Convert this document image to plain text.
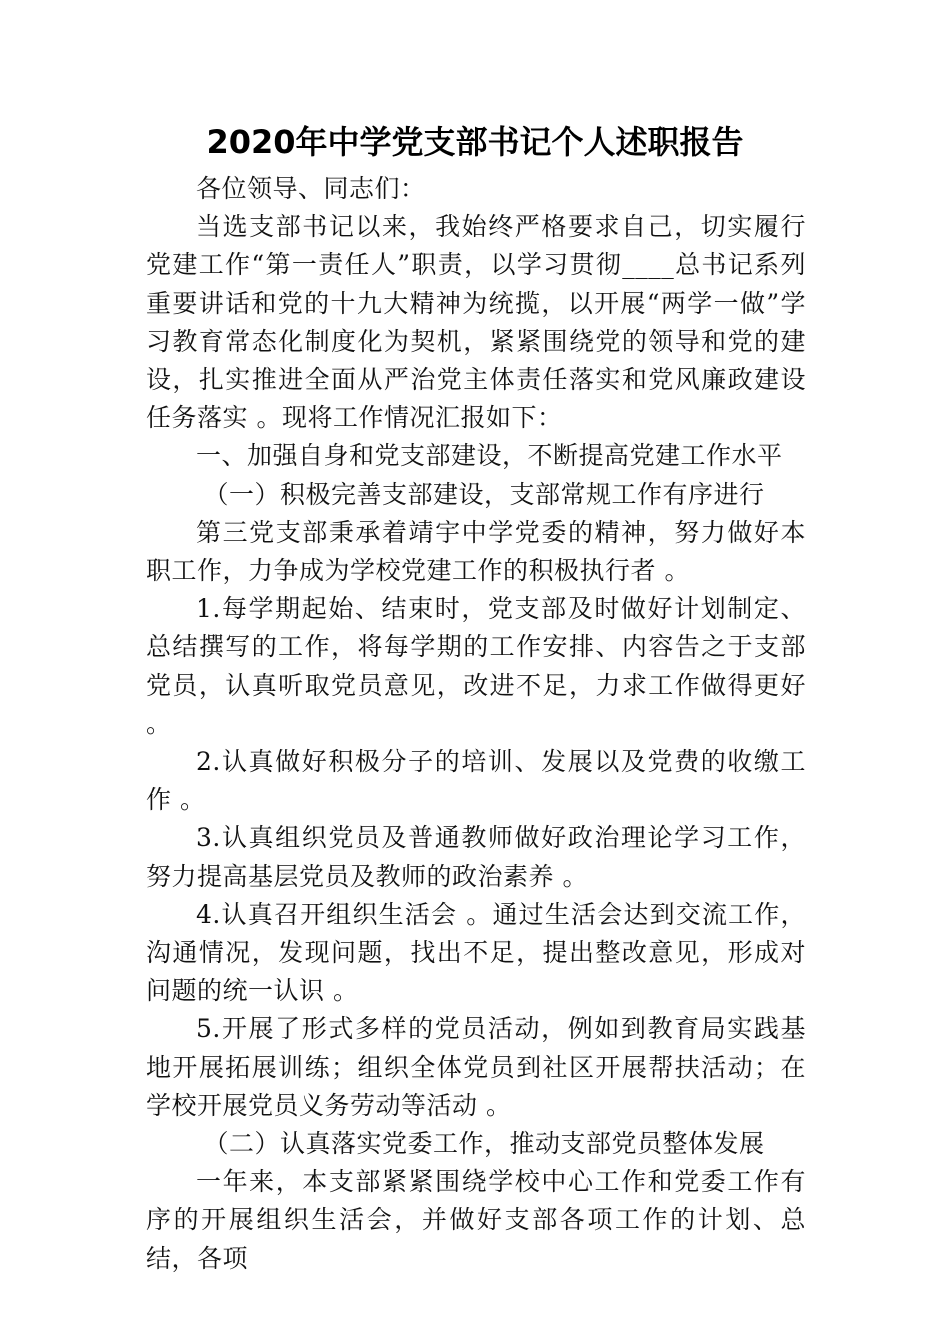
2020年中学党支部书记个人述职报告

各位领导、同志们：

当选支部书记以来，我始终严格要求自己，切实履行党建工作“第一责任人”职责，以学习贯彻____总书记系列重要讲话和党的十九大精神为统揽，以开展“两学一做”学习教育常态化制度化为契机，紧紧围绕党的领导和党的建设，扎实推进全面从严治党主体责任落实和党风廉政建设任务落实 。现将工作情况汇报如下：

一、加强自身和党支部建设，不断提高党建工作水平

（一）积极完善支部建设，支部常规工作有序进行

第三党支部秉承着靖宇中学党委的精神，努力做好本职工作，力争成为学校党建工作的积极执行者 。

1.每学期起始、结束时，党支部及时做好计划制定、总结撰写的工作，将每学期的工作安排、内容告之于支部党员，认真听取党员意见，改进不足，力求工作做得更好 。

2.认真做好积极分子的培训、发展以及党费的收缴工作 。

3.认真组织党员及普通教师做好政治理论学习工作，努力提高基层党员及教师的政治素养 。

4.认真召开组织生活会 。通过生活会达到交流工作，沟通情况，发现问题，找出不足，提出整改意见，形成对问题的统一认识 。

5.开展了形式多样的党员活动，例如到教育局实践基地开展拓展训练；组织全体党员到社区开展帮扶活动；在学校开展党员义务劳动等活动 。

（二）认真落实党委工作，推动支部党员整体发展

一年来，本支部紧紧围绕学校中心工作和党委工作有序的开展组织生活会，并做好支部各项工作的计划、总结，各项
